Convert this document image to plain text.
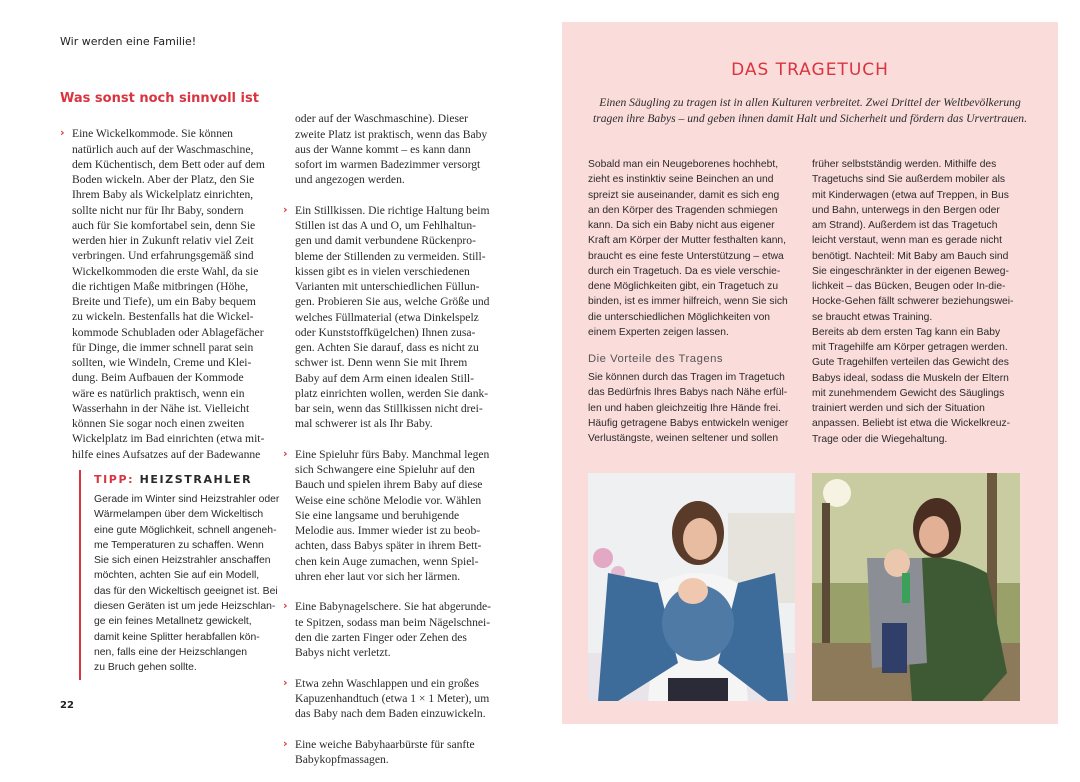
Wir werden eine Familie!
Was sonst noch sinnvoll ist

› Eine Wickelkommode. Sie können
natürlich auch auf der Waschmaschine,
dem Küchentisch, dem Bett oder auf dem
Boden wickeln. Aber der Platz, den Sie
Ihrem Baby als Wickelplatz einrichten,
sollte nicht nur für Ihr Baby, sondern
auch für Sie komfortabel sein, denn Sie
werden hier in Zukunft relativ viel Zeit
verbringen. Und erfahrungsgemäß sind
Wickelkommoden die erste Wahl, da sie
die richtigen Maße mitbringen (Höhe,
Breite und Tiefe), um ein Baby bequem
zu wickeln. Bestenfalls hat die Wickel-
kommode Schubladen oder Ablagefächer
für Dinge, die immer schnell parat sein
sollten, wie Windeln, Creme und Klei-
dung. Beim Aufbauen der Kommode
wäre es natürlich praktisch, wenn ein
Wasserhahn in der Nähe ist. Vielleicht
können Sie sogar noch einen zweiten
Wickelplatz im Bad einrichten (etwa mit-
hilfe eines Aufsatzes auf der Badewanne

oder auf der Waschmaschine). Dieser
zweite Platz ist praktisch, wenn das Baby
aus der Wanne kommt – es kann dann
sofort im warmen Badezimmer versorgt
und angezogen werden.

› Ein Stillkissen. Die richtige Haltung beim
Stillen ist das A und O, um Fehlhaltun-
gen und damit verbundene Rückenpro-
bleme der Stillenden zu vermeiden. Still-
kissen gibt es in vielen verschiedenen
Varianten mit unterschiedlichen Füllun-
gen. Probieren Sie aus, welche Größe und
welches Füllmaterial (etwa Dinkelspelz
oder Kunststoffkügelchen) Ihnen zusa-
gen. Achten Sie darauf, dass es nicht zu
schwer ist. Denn wenn Sie mit Ihrem
Baby auf dem Arm einen idealen Still-
platz einrichten wollen, werden Sie dank-
bar sein, wenn das Stillkissen nicht drei-
mal schwerer ist als Ihr Baby.

› Eine Spieluhr fürs Baby. Manchmal legen
sich Schwangere eine Spieluhr auf den
Bauch und spielen ihrem Baby auf diese
Weise eine schöne Melodie vor. Wählen
Sie eine langsame und beruhigende
Melodie aus. Immer wieder ist zu beob-
achten, dass Babys später in ihrem Bett-
chen kein Auge zumachen, wenn Spiel-
uhren eher laut vor sich her lärmen.

› Eine Babynagelschere. Sie hat abgerunde-
te Spitzen, sodass man beim Nägelschnei-
den die zarten Finger oder Zehen des
Babys nicht verletzt.

› Etwa zehn Waschlappen und ein großes
Kapuzenhandtuch (etwa 1 × 1 Meter), um
das Baby nach dem Baden einzuwickeln.

› Eine weiche Babyhaarbürste für sanfte
Babykopfmassagen.

TIPP: HEIZSTRAHLER
Gerade im Winter sind Heizstrahler oder
Wärmelampen über dem Wickeltisch
eine gute Möglichkeit, schnell angeneh-
me Temperaturen zu schaffen. Wenn
Sie sich einen Heizstrahler anschaffen
möchten, achten Sie auf ein Modell,
das für den Wickeltisch geeignet ist. Bei
diesen Geräten ist um jede Heizschlan-
ge ein feines Metallnetz gewickelt,
damit keine Splitter herabfallen kön-
nen, falls eine der Heizschlangen
zu Bruch gehen sollte.
22
DAS TRAGETUCH
Einen Säugling zu tragen ist in allen Kulturen verbreitet. Zwei Drittel der Weltbevölkerung
tragen ihre Babys – und geben ihnen damit Halt und Sicherheit und fördern das Urvertrauen.
Sobald man ein Neugeborenes hochhebt,
zieht es instinktiv seine Beinchen an und
spreizt sie auseinander, damit es sich eng
an den Körper des Tragenden schmiegen
kann. Da sich ein Baby nicht aus eigener
Kraft am Körper der Mutter festhalten kann,
braucht es eine feste Unterstützung – etwa
durch ein Tragetuch. Da es viele verschie-
dene Möglichkeiten gibt, ein Tragetuch zu
binden, ist es immer hilfreich, wenn Sie sich
die unterschiedlichen Möglichkeiten von
einem Experten zeigen lassen.
Die Vorteile des Tragens
Sie können durch das Tragen im Tragetuch
das Bedürfnis Ihres Babys nach Nähe erfül-
len und haben gleichzeitig Ihre Hände frei.
Häufig getragene Babys entwickeln weniger
Verlustängste, weinen seltener und sollen
früher selbstständig werden. Mithilfe des
Tragetuchs sind Sie außerdem mobiler als
mit Kinderwagen (etwa auf Treppen, in Bus
und Bahn, unterwegs in den Bergen oder
am Strand). Außerdem ist das Tragetuch
leicht verstaut, wenn man es gerade nicht
benötigt. Nachteil: Mit Baby am Bauch sind
Sie eingeschränkter in der eigenen Beweg-
lichkeit – das Bücken, Beugen oder In-die-
Hocke-Gehen fällt schwerer beziehungswei-
se braucht etwas Training.
Bereits ab dem ersten Tag kann ein Baby
mit Tragehilfe am Körper getragen werden.
Gute Tragehilfen verteilen das Gewicht des
Babys ideal, sodass die Muskeln der Eltern
mit zunehmendem Gewicht des Säuglings
trainiert werden und sich der Situation
anpassen. Beliebt ist etwa die Wickelkreuz-
Trage oder die Wiegehaltung.
